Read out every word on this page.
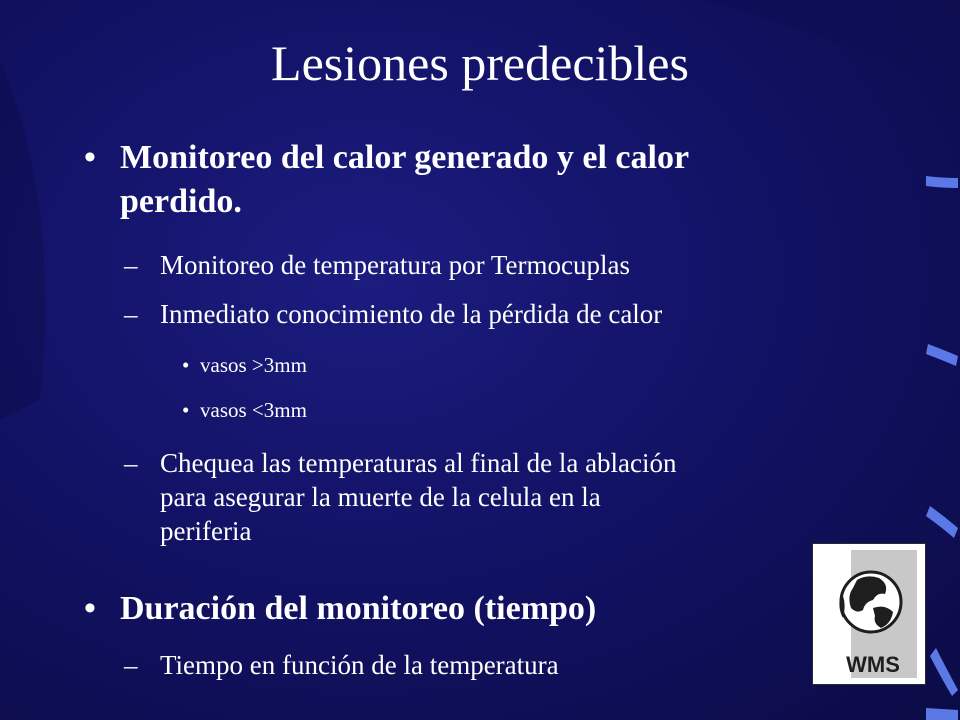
Lesiones predecibles
• Monitoreo del calor generado y el calor
perdido.
– Monitoreo de temperatura por Termocuplas
– Inmediato conocimiento de la pérdida de calor
• vasos >3mm
• vasos <3mm
– Chequea las temperaturas al final de la ablación
para asegurar la muerte de la celula en la
periferia
• Duración del monitoreo (tiempo)
– Tiempo en función de la temperatura	WMS
